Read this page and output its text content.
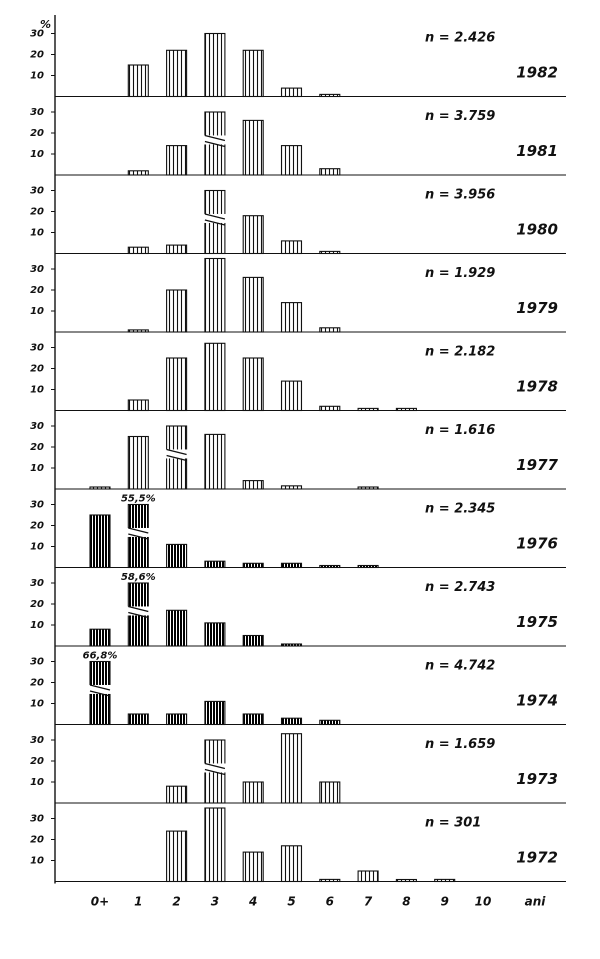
%
10
20
30	n = 2.426
1982
10
20
30	n = 3.759
1981
10
20
30	n = 3.956
1980
10
20
30	n = 1.929
1979
10
20
30	n = 2.182
1978
10
20
30	n = 1.616
1977
10
20
30
55,5%
n = 2.345
1976
10
20
30
58,6%
n = 2.743
1975
10
20
30
66,8%
n = 4.742
1974
10
20
30	n = 1.659
1973
10
20
30	n = 301
1972
0+ 1 2 3 4 5 6 7 8 9 10	ani
